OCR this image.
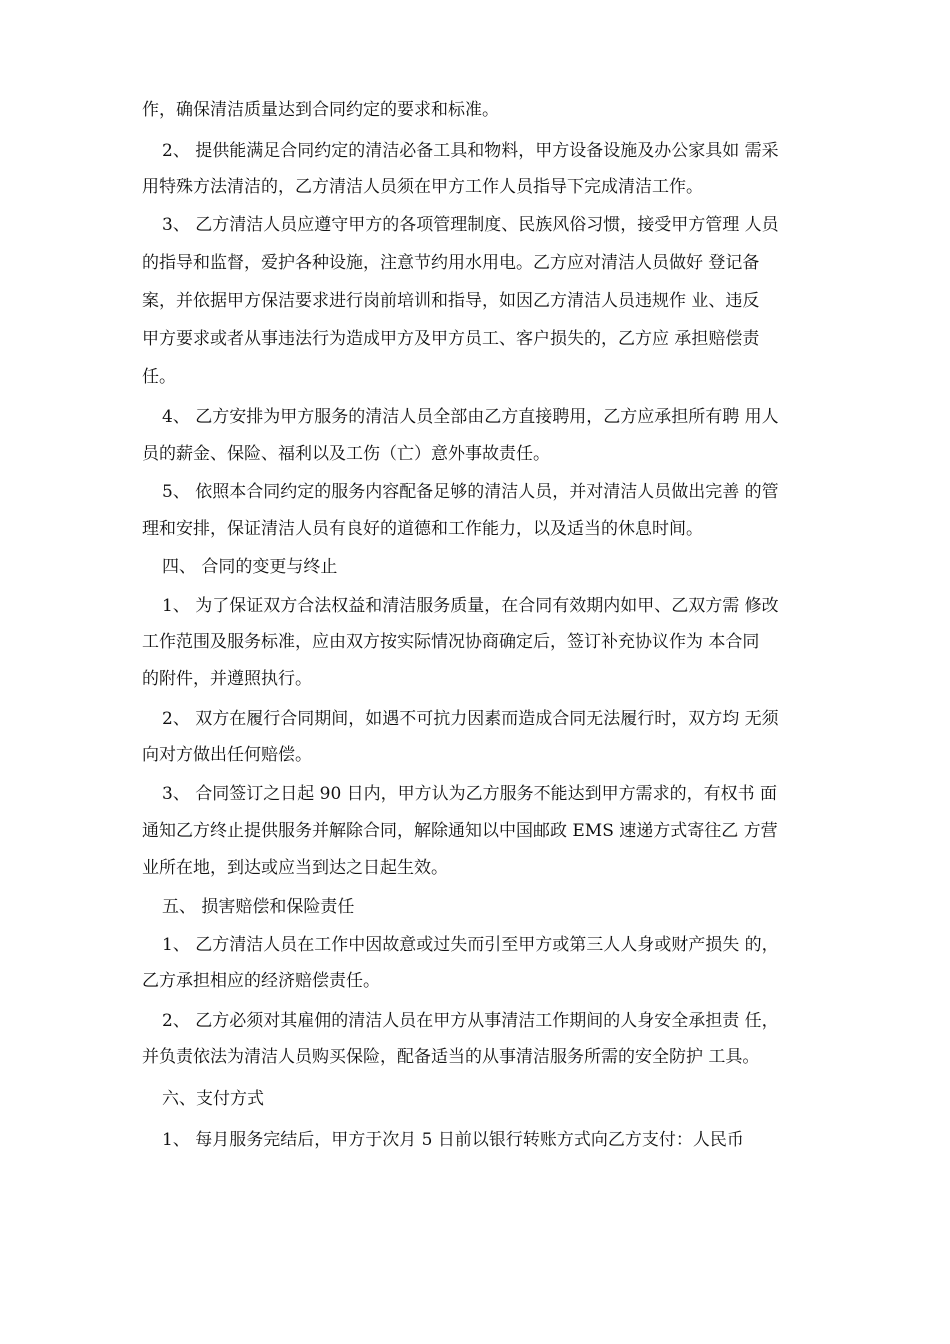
作，确保清洁质量达到合同约定的要求和标准。
2、 提供能满足合同约定的清洁必备工具和物料，甲方设备设施及办公家具如 需采
用特殊方法清洁的，乙方清洁人员须在甲方工作人员指导下完成清洁工作。
3、 乙方清洁人员应遵守甲方的各项管理制度、民族风俗习惯，接受甲方管理 人员
的指导和监督，爱护各种设施，注意节约用水用电。乙方应对清洁人员做好 登记备
案，并依据甲方保洁要求进行岗前培训和指导，如因乙方清洁人员违规作 业、违反
甲方要求或者从事违法行为造成甲方及甲方员工、客户损失的，乙方应 承担赔偿责
任。
4、 乙方安排为甲方服务的清洁人员全部由乙方直接聘用，乙方应承担所有聘 用人
员的薪金、保险、福利以及工伤（亡）意外事故责任。
5、 依照本合同约定的服务内容配备足够的清洁人员，并对清洁人员做出完善 的管
理和安排，保证清洁人员有良好的道德和工作能力，以及适当的休息时间。
四、 合同的变更与终止
1、 为了保证双方合法权益和清洁服务质量，在合同有效期内如甲、乙双方需 修改
工作范围及服务标准，应由双方按实际情况协商确定后，签订补充协议作为 本合同
的附件，并遵照执行。
2、 双方在履行合同期间，如遇不可抗力因素而造成合同无法履行时，双方均 无须
向对方做出任何赔偿。
3、 合同签订之日起 90 日内，甲方认为乙方服务不能达到甲方需求的，有权书 面
通知乙方终止提供服务并解除合同，解除通知以中国邮政 EMS 速递方式寄往乙 方营
业所在地，到达或应当到达之日起生效。
五、 损害赔偿和保险责任
1、 乙方清洁人员在工作中因故意或过失而引至甲方或第三人人身或财产损失 的，
乙方承担相应的经济赔偿责任。
2、 乙方必须对其雇佣的清洁人员在甲方从事清洁工作期间的人身安全承担责 任，
并负责依法为清洁人员购买保险，配备适当的从事清洁服务所需的安全防护 工具。
六、支付方式
1、 每月服务完结后，甲方于次月 5 日前以银行转账方式向乙方支付：人民币
